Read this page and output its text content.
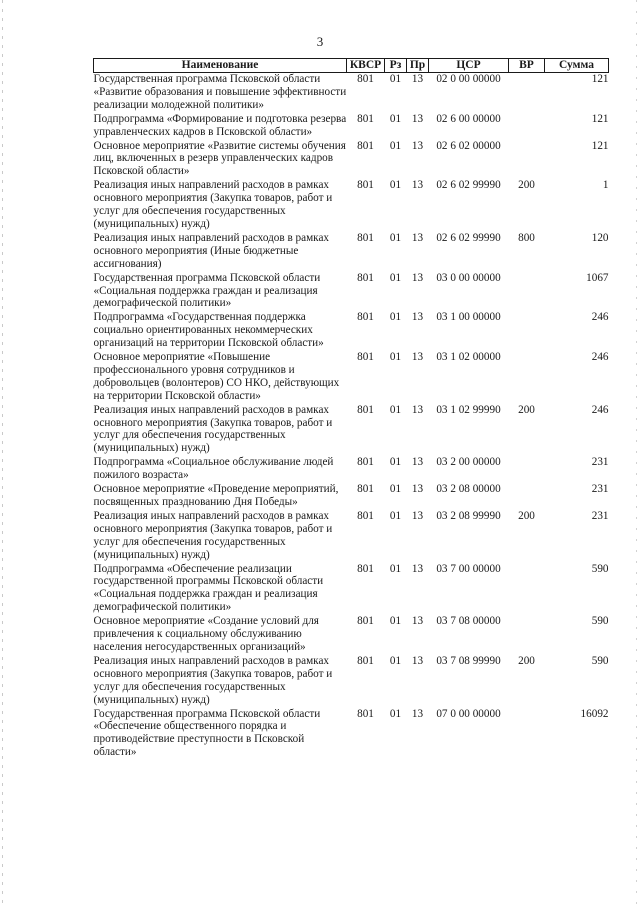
3
Наименование	КВСР	Рз	Пр	ЦСР	ВР	Сумма
Государственная программа Псковской области «Развитие образования и повышение эффективности реализации молодежной политики»	801	01	13	02 0 00 00000		121
Подпрограмма «Формирование и подготовка резерва управленческих кадров в Псковской области»	801	01	13	02 6 00 00000		121
Основное мероприятие «Развитие системы обучения лиц, включенных в резерв управленческих кадров Псковской области»	801	01	13	02 6 02 00000		121
Реализация иных направлений расходов в рамках основного мероприятия (Закупка товаров, работ и услуг для обеспечения государственных (муниципальных) нужд)	801	01	13	02 6 02 99990	200	1
Реализация иных направлений расходов в рамках основного мероприятия (Иные бюджетные ассигнования)	801	01	13	02 6 02 99990	800	120
Государственная программа Псковской области «Социальная поддержка граждан и реализация демографической политики»	801	01	13	03 0 00 00000		1067
Подпрограмма «Государственная поддержка социально ориентированных некоммерческих организаций на территории Псковской области»	801	01	13	03 1 00 00000		246
Основное мероприятие «Повышение профессионального уровня сотрудников и добровольцев (волонтеров) СО НКО, действующих на территории Псковской области»	801	01	13	03 1 02 00000		246
Реализация иных направлений расходов в рамках основного мероприятия (Закупка товаров, работ и услуг для обеспечения государственных (муниципальных) нужд)	801	01	13	03 1 02 99990	200	246
Подпрограмма «Социальное обслуживание людей пожилого возраста»	801	01	13	03 2 00 00000		231
Основное мероприятие «Проведение мероприятий, посвященных празднованию Дня Победы»	801	01	13	03 2 08 00000		231
Реализация иных направлений расходов в рамках основного мероприятия (Закупка товаров, работ и услуг для обеспечения государственных (муниципальных) нужд)	801	01	13	03 2 08 99990	200	231
Подпрограмма «Обеспечение реализации государственной программы Псковской области «Социальная поддержка граждан и реализация демографической политики»	801	01	13	03 7 00 00000		590
Основное мероприятие «Создание условий для привлечения к социальному обслуживанию населения негосударственных организаций»	801	01	13	03 7 08 00000		590
Реализация иных направлений расходов в рамках основного мероприятия (Закупка товаров, работ и услуг для обеспечения государственных (муниципальных) нужд)	801	01	13	03 7 08 99990	200	590
Государственная программа Псковской области «Обеспечение общественного порядка и противодействие преступности в Псковской области»	801	01	13	07 0 00 00000		16092
